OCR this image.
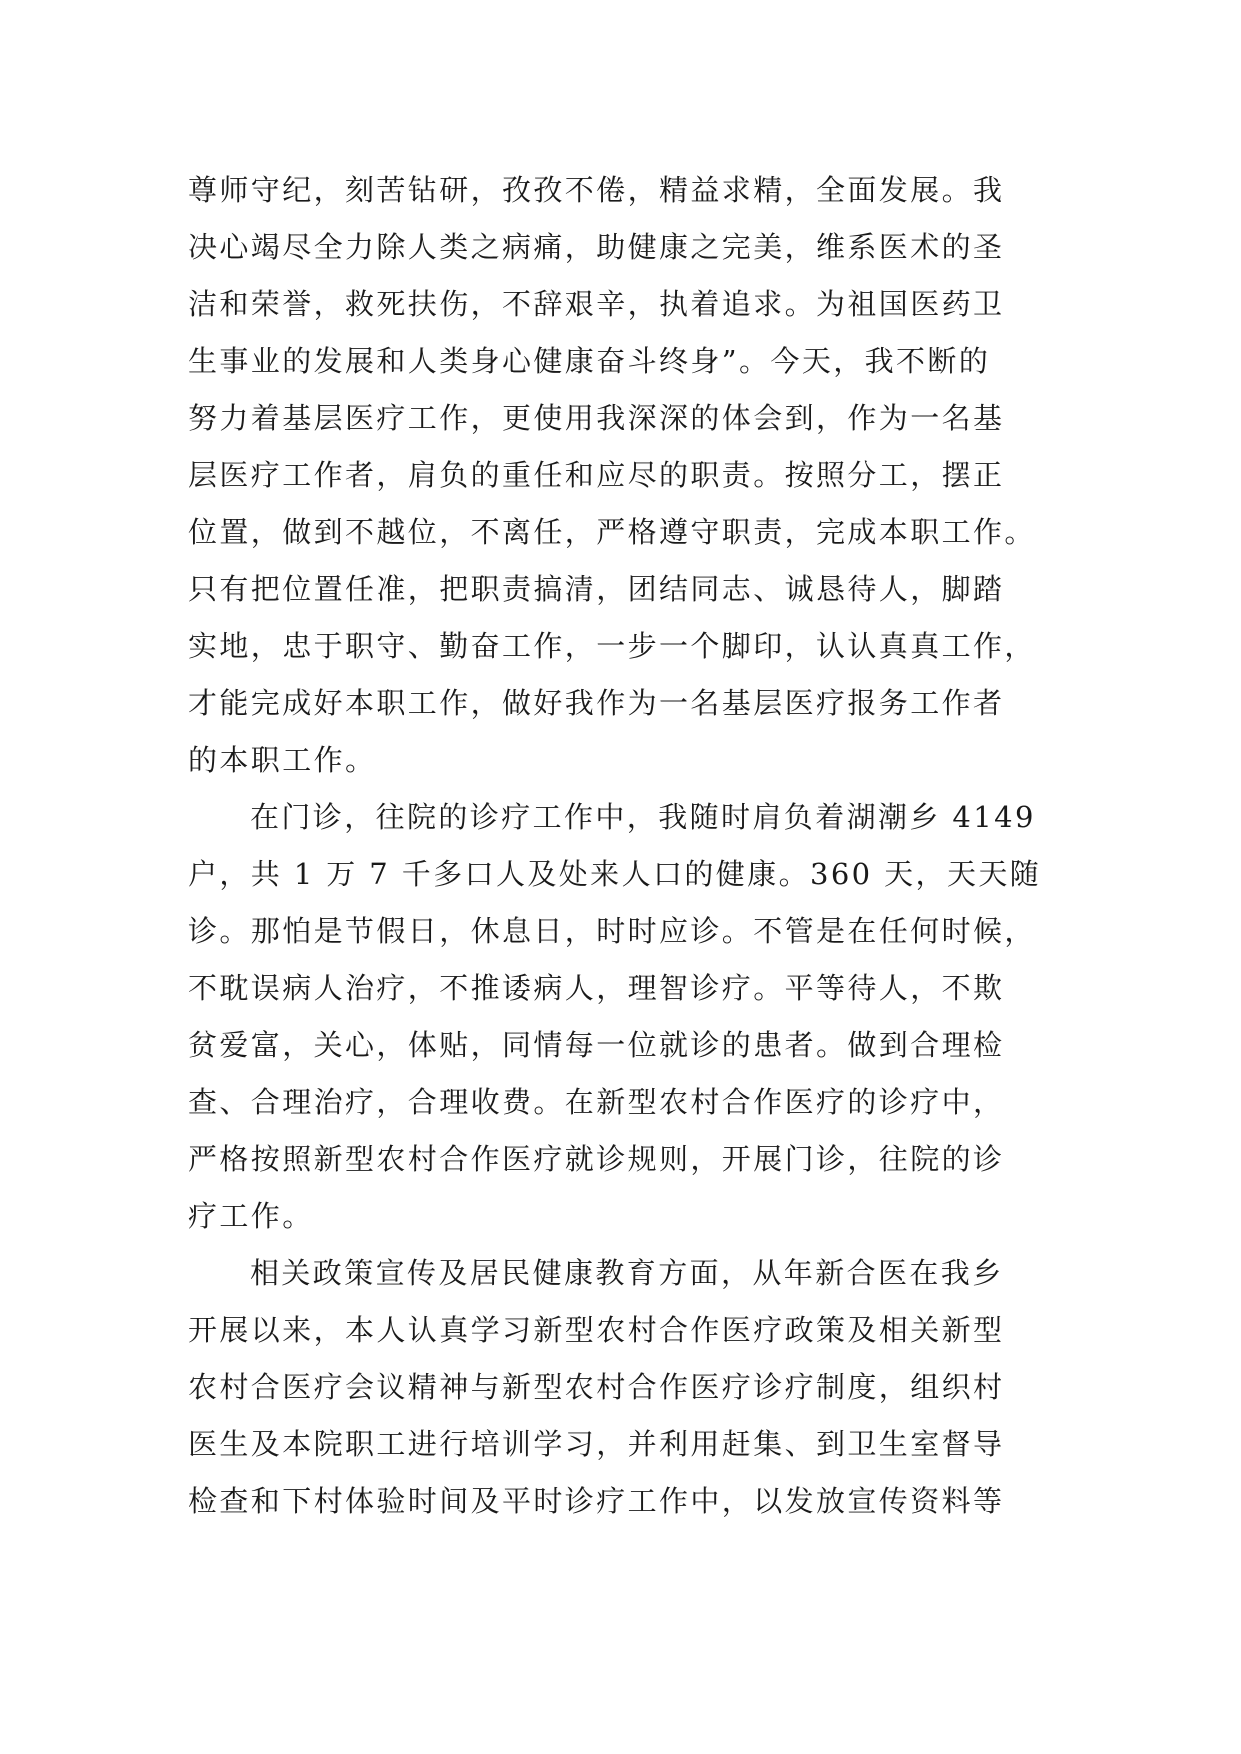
尊师守纪，刻苦钻研，孜孜不倦，精益求精，全面发展。我
决心竭尽全力除人类之病痛，助健康之完美，维系医术的圣
洁和荣誉，救死扶伤，不辞艰辛，执着追求。为祖国医药卫
生事业的发展和人类身心健康奋斗终身”。今天，我不断的
努力着基层医疗工作，更使用我深深的体会到，作为一名基
层医疗工作者，肩负的重任和应尽的职责。按照分工，摆正
位置，做到不越位，不离任，严格遵守职责，完成本职工作。
只有把位置任准，把职责搞清，团结同志、诚恳待人，脚踏
实地，忠于职守、勤奋工作，一步一个脚印，认认真真工作，
才能完成好本职工作，做好我作为一名基层医疗报务工作者
的本职工作。
在门诊，往院的诊疗工作中，我随时肩负着湖潮乡 4149
户，共 1 万 7 千多口人及处来人口的健康。360 天，天天随
诊。那怕是节假日，休息日，时时应诊。不管是在任何时候，
不耽误病人治疗，不推诿病人，理智诊疗。平等待人，不欺
贫爱富，关心，体贴，同情每一位就诊的患者。做到合理检
查、合理治疗，合理收费。在新型农村合作医疗的诊疗中，
严格按照新型农村合作医疗就诊规则，开展门诊，往院的诊
疗工作。
相关政策宣传及居民健康教育方面，从年新合医在我乡
开展以来，本人认真学习新型农村合作医疗政策及相关新型
农村合医疗会议精神与新型农村合作医疗诊疗制度，组织村
医生及本院职工进行培训学习，并利用赶集、到卫生室督导
检查和下村体验时间及平时诊疗工作中，以发放宣传资料等
